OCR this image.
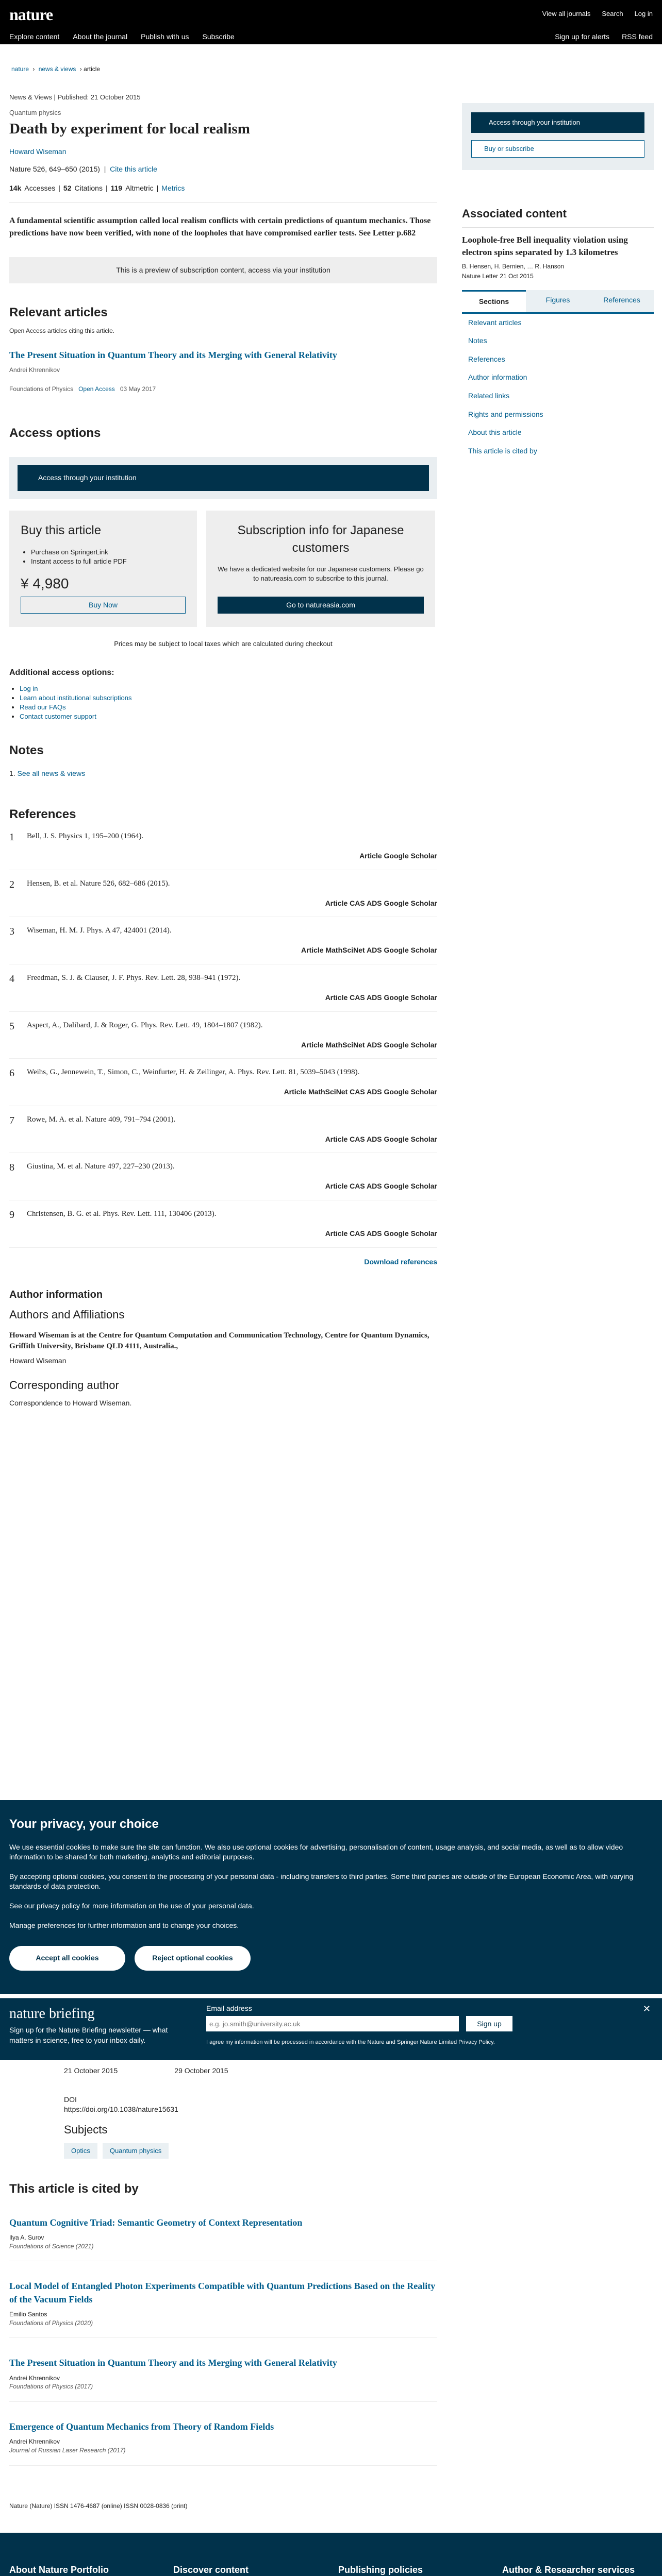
nature	View all journals Search Log in
Explore content About the journal Publish with us Subscribe	Sign up for alerts RSS feed
nature › news & views › article
News & Views | Published: 21 October 2015
Quantum physics
Death by experiment for local realism
Howard Wiseman
Nature 526, 649–650 (2015)  |  Cite this article
14k Accesses | 52 Citations | 119 Altmetric | Metrics

A fundamental scientific assumption called local realism conflicts with certain predictions of quantum mechanics. Those predictions have now been verified, with none of the loopholes that have compromised earlier tests. See Letter p.682

This is a preview of subscription content, access via your institution
Relevant articles
Open Access articles citing this article.
The Present Situation in Quantum Theory and its Merging with General Relativity
Andrei Khrennikov
Foundations of Physics Open Access 03 May 2017
Access options
Access through your institution
Buy this article
• Purchase on SpringerLink
• Instant access to full article PDF
¥ 4,980
Buy Now
Subscription info for Japanese customers

We have a dedicated website for our Japanese customers. Please go to natureasia.com to subscribe to this journal.

Go to natureasia.com

Prices may be subject to local taxes which are calculated during checkout

Additional access options:
• Log in
• Learn about institutional subscriptions
• Read our FAQs
• Contact customer support
Notes
1. See all news & views
References
1 Bell, J. S. Physics 1, 195–200 (1964).
Article Google Scholar
2 Hensen, B. et al. Nature 526, 682–686 (2015).
Article CAS ADS Google Scholar
3 Wiseman, H. M. J. Phys. A 47, 424001 (2014).
Article MathSciNet ADS Google Scholar
4 Freedman, S. J. & Clauser, J. F. Phys. Rev. Lett. 28, 938–941 (1972).
Article CAS ADS Google Scholar
5 Aspect, A., Dalibard, J. & Roger, G. Phys. Rev. Lett. 49, 1804–1807 (1982).
Article MathSciNet ADS Google Scholar
6 Weihs, G., Jennewein, T., Simon, C., Weinfurter, H. & Zeilinger, A. Phys. Rev. Lett. 81, 5039–5043 (1998).
Article MathSciNet CAS ADS Google Scholar
7 Rowe, M. A. et al. Nature 409, 791–794 (2001).
Article CAS ADS Google Scholar
8 Giustina, M. et al. Nature 497, 227–230 (2013).
Article CAS ADS Google Scholar
9 Christensen, B. G. et al. Phys. Rev. Lett. 111, 130406 (2013).
Article CAS ADS Google Scholar
Download references
Author information
Authors and Affiliations

Howard Wiseman is at the Centre for Quantum Computation and Communication Technology, Centre for Quantum Dynamics, Griffith University, Brisbane QLD 4111, Australia.,

Howard Wiseman

Corresponding author

Correspondence to Howard Wiseman.

Access through your institution
Buy or subscribe
Associated content
Loophole-free Bell inequality violation using electron spins separated by 1.3 kilometres
B. Hensen, H. Bernien, … R. Hanson
Nature Letter 21 Oct 2015
Sections	Figures	References
Relevant articles
Notes
References
Author information
Related links
Rights and permissions
About this article
This article is cited by
Your privacy, your choice

We use essential cookies to make sure the site can function. We also use optional cookies for advertising, personalisation of content, usage analysis, and social media, as well as to allow video information to be shared for both marketing, analytics and editorial purposes.

By accepting optional cookies, you consent to the processing of your personal data - including transfers to third parties. Some third parties are outside of the European Economic Area, with varying standards of data protection.

See our privacy policy for more information on the use of your personal data.

Manage preferences for further information and to change your choices.

Accept all cookies	Reject optional cookies
nature briefing
Sign up for the Nature Briefing newsletter — what matters in science, free to your inbox daily.
Email address
e.g. jo.smith@university.ac.uk
Sign up
I agree my information will be processed in accordance with the Nature and Springer Nature Limited Privacy Policy.
✕
21 October 2015	29 October 2015
DOI
https://doi.org/10.1038/nature15631
Subjects
Optics	Quantum physics
This article is cited by
Quantum Cognitive Triad: Semantic Geometry of Context Representation
Ilya A. Surov
Foundations of Science (2021)
Local Model of Entangled Photon Experiments Compatible with Quantum Predictions Based on the Reality of the Vacuum Fields
Emilio Santos
Foundations of Physics (2020)
The Present Situation in Quantum Theory and its Merging with General Relativity
Andrei Khrennikov
Foundations of Physics (2017)
Emergence of Quantum Mechanics from Theory of Random Fields
Andrei Khrennikov
Journal of Russian Laser Research (2017)
Nature (Nature) ISSN 1476-4687 (online) ISSN 0028-0836 (print)
About Nature Portfolio	Discover content	Publishing policies	Author & Researcher services
